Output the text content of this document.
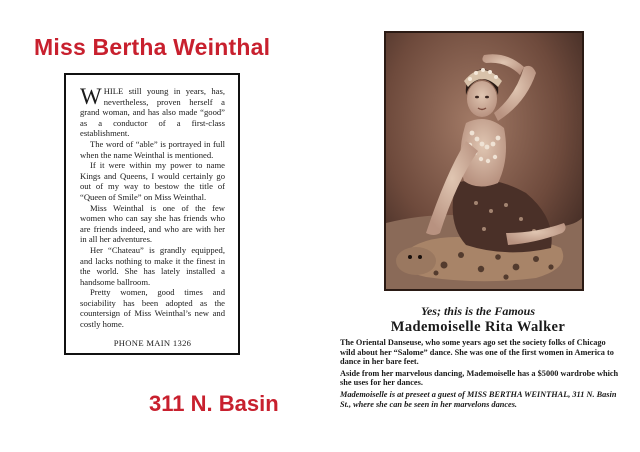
Miss Bertha Weinthal

WHILE still young in years, has, nevertheless, proven herself a grand woman, and has also made “good” as a conductor of a first-class establishment.

The word of “able” is portrayed in full when the name Weinthal is mentioned.

If it were within my power to name Kings and Queens, I would certainly go out of my way to bestow the title of “Queen of Smile” on Miss Weinthal.

Miss Weinthal is one of the few women who can say she has friends who are friends indeed, and who are with her in all her adventures.

Her “Chateau” is grandly equipped, and lacks nothing to make it the finest in the world. She has lately installed a handsome ballroom.

Pretty women, good times and sociability has been adopted as the countersign of Miss Weinthal’s new and costly home.

PHONE MAIN 1326
311 N. Basin
Yes; this is the Famous
Mademoiselle Rita Walker

The Oriental Danseuse, who some years ago set the society folks of Chicago wild about her “Salome” dance. She was one of the first women in America to dance in her bare feet.

Aside from her marvelous dancing, Mademoiselle has a $5000 wardrobe which she uses for her dances.

Mademoiselle is at preseet a guest of MISS BERTHA WEINTHAL, 311 N. Basin St., where she can be seen in her marvelons dances.
